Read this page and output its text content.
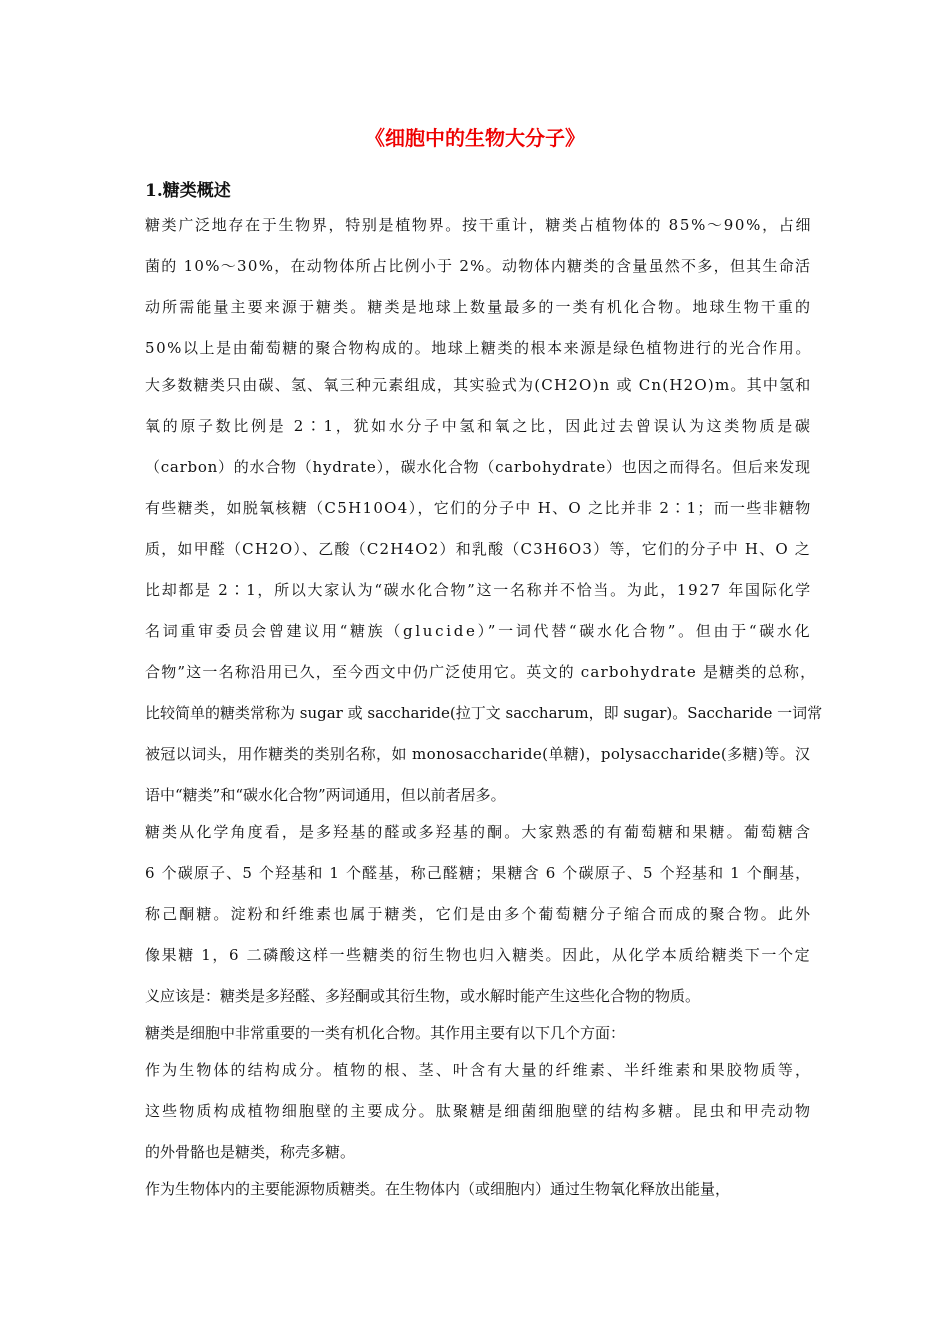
《细胞中的生物大分子》
1.糖类概述
糖类广泛地存在于生物界，特别是植物界。按干重计，糖类占植物体的 85%～90%，占细
菌的 10%～30%，在动物体所占比例小于 2%。动物体内糖类的含量虽然不多，但其生命活
动所需能量主要来源于糖类。糖类是地球上数量最多的一类有机化合物。地球生物干重的
50%以上是由葡萄糖的聚合物构成的。地球上糖类的根本来源是绿色植物进行的光合作用。
大多数糖类只由碳、氢、氧三种元素组成，其实验式为(CH2O)n 或 Cn(H2O)m。其中氢和
氧的原子数比例是 2∶1，犹如水分子中氢和氧之比，因此过去曾误认为这类物质是碳
（carbon）的水合物（hydrate），碳水化合物（carbohydrate）也因之而得名。但后来发现
有些糖类，如脱氧核糖（C5H10O4），它们的分子中 H、O 之比并非 2∶1；而一些非糖物
质，如甲醛（CH2O）、乙酸（C2H4O2）和乳酸（C3H6O3）等，它们的分子中 H、O 之
比却都是 2∶1，所以大家认为“碳水化合物”这一名称并不恰当。为此，1927 年国际化学
名词重审委员会曾建议用“糖族（glucide）”一词代替“碳水化合物”。但由于“碳水化
合物”这一名称沿用已久，至今西文中仍广泛使用它。英文的 carbohydrate 是糖类的总称，
比较简单的糖类常称为 sugar 或 saccharide(拉丁文 saccharum，即 sugar)。Saccharide 一词常
被冠以词头，用作糖类的类别名称，如 monosaccharide(单糖)，polysaccharide(多糖)等。汉
语中“糖类”和“碳水化合物”两词通用，但以前者居多。
糖类从化学角度看，是多羟基的醛或多羟基的酮。大家熟悉的有葡萄糖和果糖。葡萄糖含
6 个碳原子、5 个羟基和 1 个醛基，称己醛糖；果糖含 6 个碳原子、5 个羟基和 1 个酮基，
称己酮糖。淀粉和纤维素也属于糖类，它们是由多个葡萄糖分子缩合而成的聚合物。此外
像果糖 1，6 二磷酸这样一些糖类的衍生物也归入糖类。因此，从化学本质给糖类下一个定
义应该是：糖类是多羟醛、多羟酮或其衍生物，或水解时能产生这些化合物的物质。
糖类是细胞中非常重要的一类有机化合物。其作用主要有以下几个方面：
作为生物体的结构成分。植物的根、茎、叶含有大量的纤维素、半纤维素和果胶物质等，
这些物质构成植物细胞壁的主要成分。肽聚糖是细菌细胞壁的结构多糖。昆虫和甲壳动物
的外骨骼也是糖类，称壳多糖。
作为生物体内的主要能源物质糖类。在生物体内（或细胞内）通过生物氧化释放出能量，
